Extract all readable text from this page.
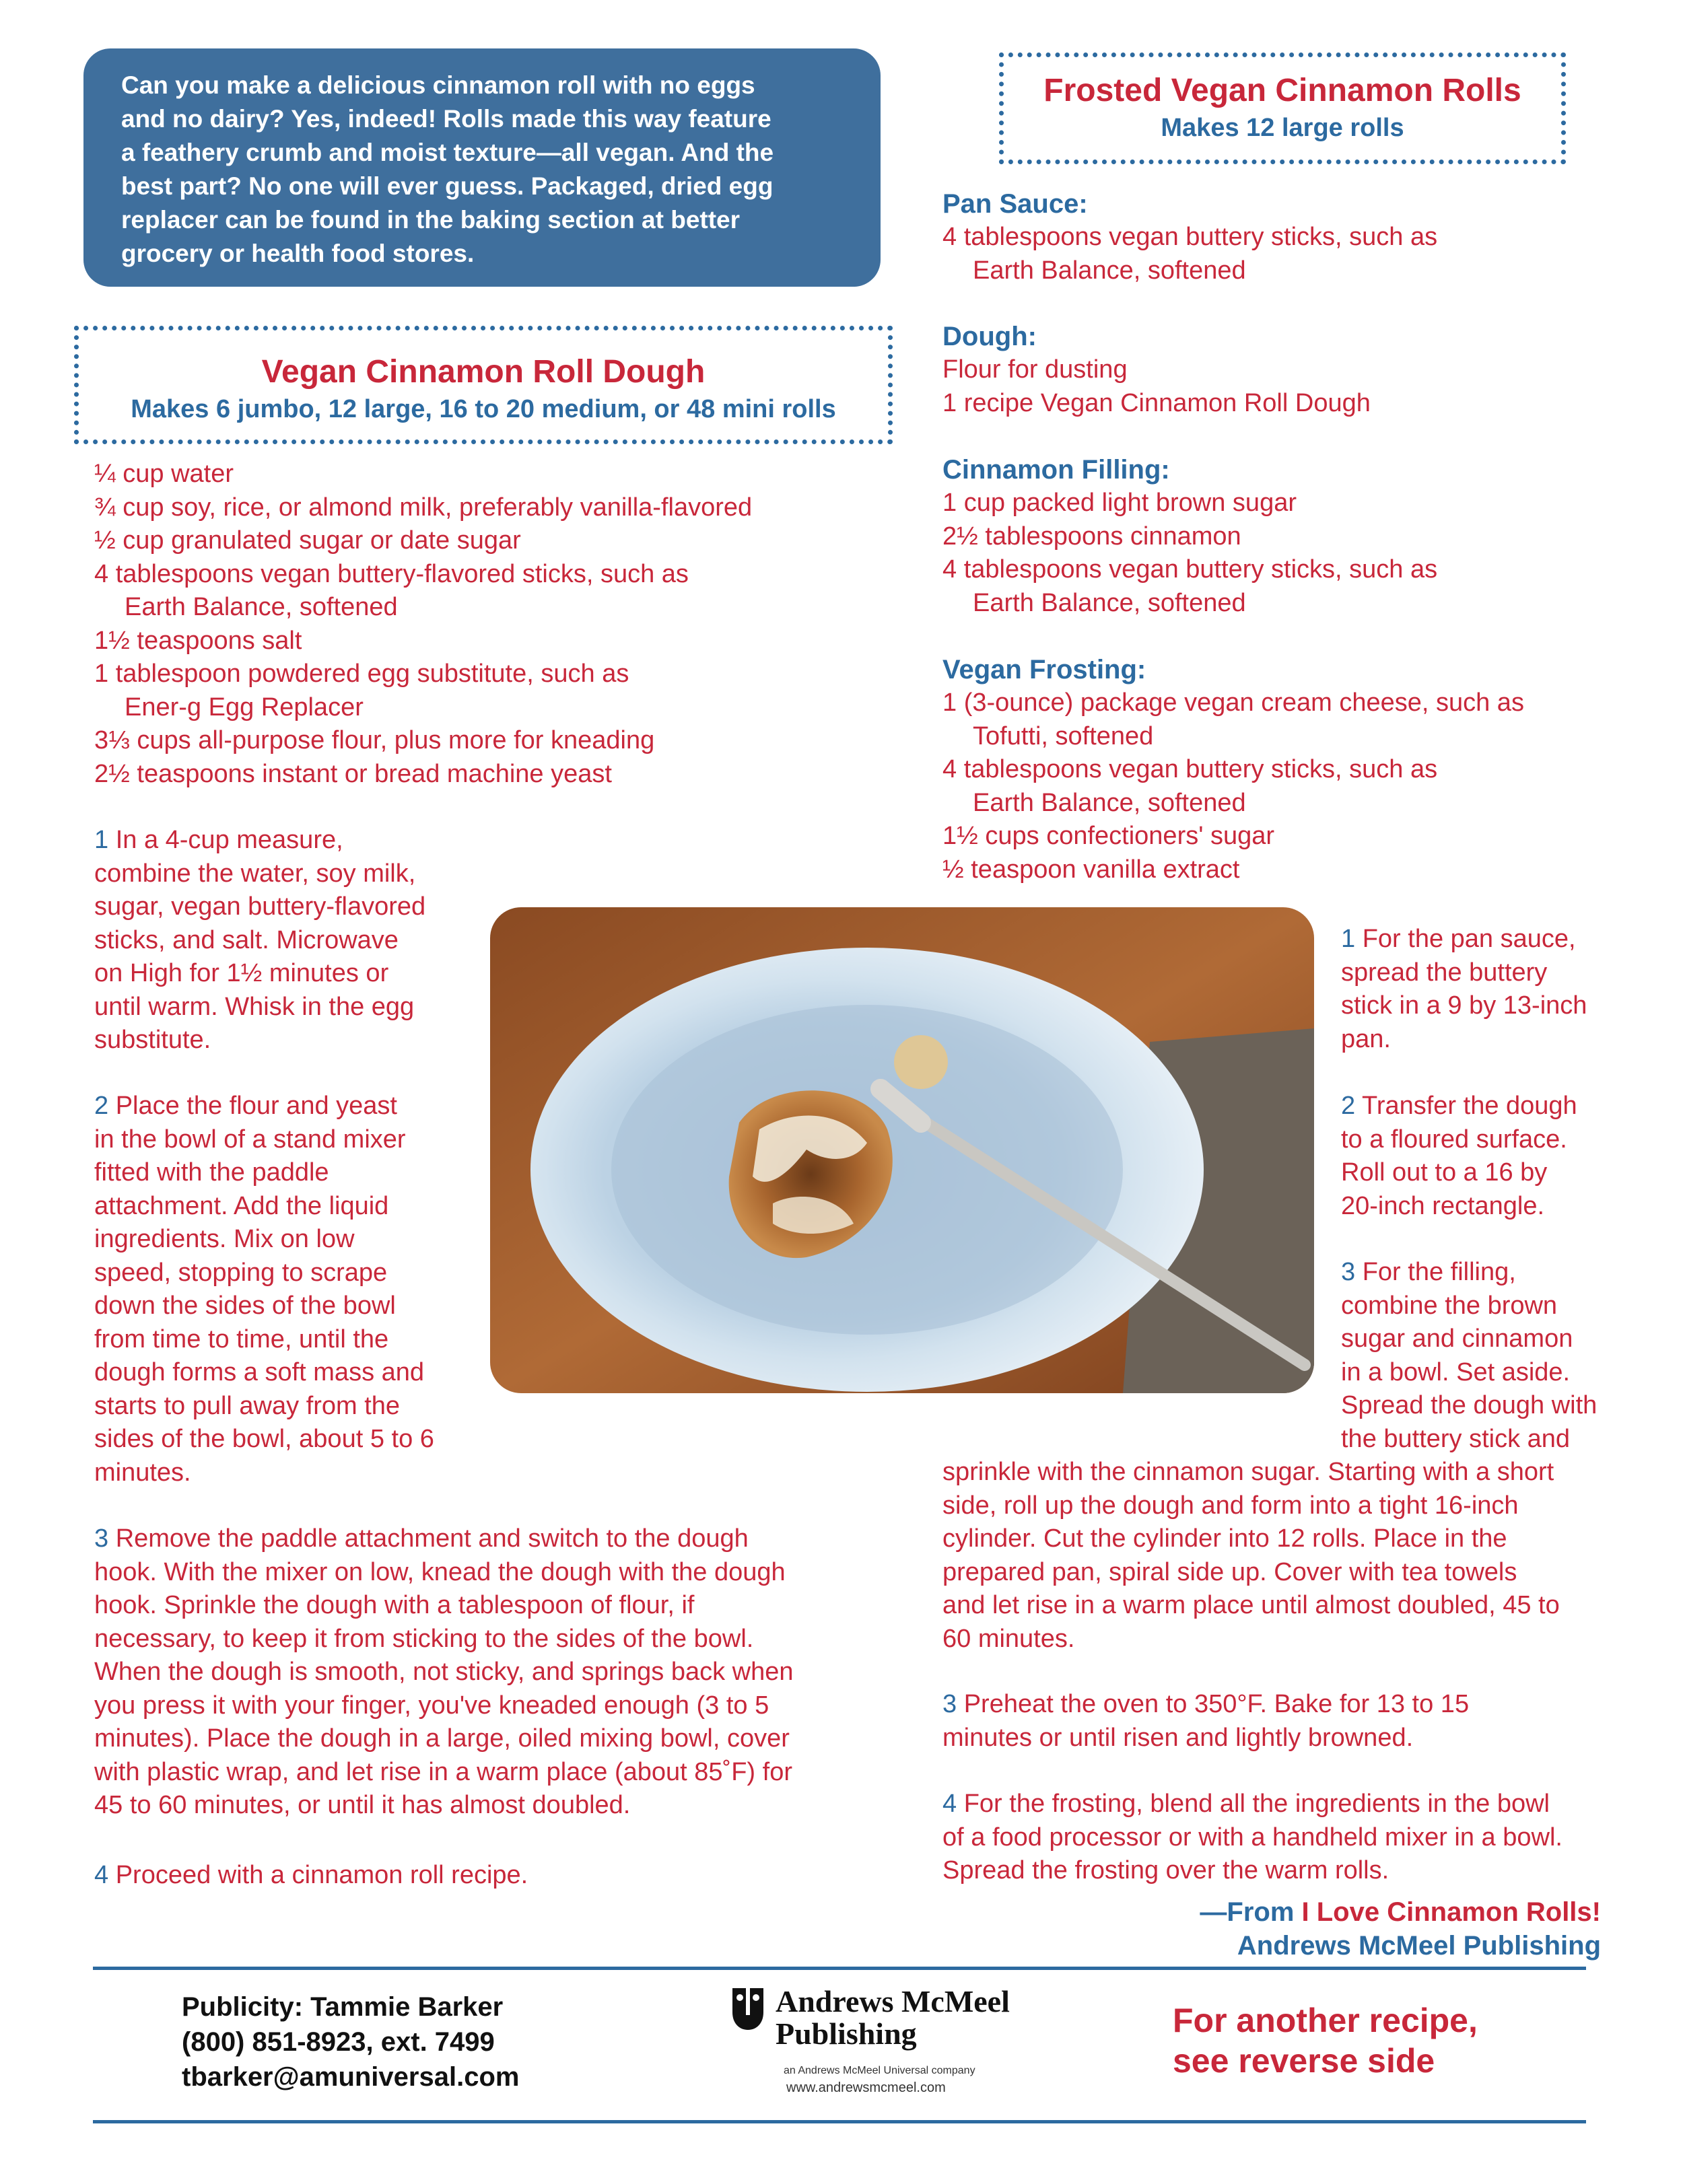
Can you make a delicious cinnamon roll with no eggs
and no dairy? Yes, indeed! Rolls made this way feature
a feathery crumb and moist texture—all vegan. And the
best part? No one will ever guess. Packaged, dried egg
replacer can be found in the baking section at better
grocery or health food stores.
Vegan Cinnamon Roll Dough
Makes 6 jumbo, 12 large, 16 to 20 medium, or 48 mini rolls
¼ cup water
¾ cup soy, rice, or almond milk, preferably vanilla-flavored
½ cup granulated sugar or date sugar
4 tablespoons vegan buttery-flavored sticks, such as
Earth Balance, softened
1½ teaspoons salt
1 tablespoon powdered egg substitute, such as
Ener-g Egg Replacer
3⅓ cups all-purpose flour, plus more for kneading
2½ teaspoons instant or bread machine yeast
1 In a 4-cup measure,
combine the water, soy milk,
sugar, vegan buttery-flavored
sticks, and salt. Microwave
on High for 1½ minutes or
until warm. Whisk in the egg
substitute.
2 Place the flour and yeast
in the bowl of a stand mixer
fitted with the paddle
attachment. Add the liquid
ingredients. Mix on low
speed, stopping to scrape
down the sides of the bowl
from time to time, until the
dough forms a soft mass and
starts to pull away from the
sides of the bowl, about 5 to 6
minutes.
3 Remove the paddle attachment and switch to the dough
hook. With the mixer on low, knead the dough with the dough
hook. Sprinkle the dough with a tablespoon of flour, if
necessary, to keep it from sticking to the sides of the bowl.
When the dough is smooth, not sticky, and springs back when
you press it with your finger, you've kneaded enough (3 to 5
minutes). Place the dough in a large, oiled mixing bowl, cover
with plastic wrap, and let rise in a warm place (about 85˚F) for
45 to 60 minutes, or until it has almost doubled.
4 Proceed with a cinnamon roll recipe.
Frosted Vegan Cinnamon Rolls
Makes 12 large rolls
Pan Sauce:
4 tablespoons vegan buttery sticks, such as
Earth Balance, softened
Dough:
Flour for dusting
1 recipe Vegan Cinnamon Roll Dough
Cinnamon Filling:
1 cup packed light brown sugar
2½ tablespoons cinnamon
4 tablespoons vegan buttery sticks, such as
Earth Balance, softened
Vegan Frosting:
1 (3-ounce) package vegan cream cheese, such as
Tofutti, softened
4 tablespoons vegan buttery sticks, such as
Earth Balance, softened
1½ cups confectioners' sugar
½ teaspoon vanilla extract
1 For the pan sauce,
spread the buttery
stick in a 9 by 13-inch
pan.
2 Transfer the dough
to a floured surface.
Roll out to a 16 by
20-inch rectangle.
3 For the filling,
combine the brown
sugar and cinnamon
in a bowl. Set aside.
Spread the dough with
the buttery stick and
sprinkle with the cinnamon sugar. Starting with a short
side, roll up the dough and form into a tight 16-inch
cylinder. Cut the cylinder into 12 rolls. Place in the
prepared pan, spiral side up. Cover with tea towels
and let rise in a warm place until almost doubled, 45 to
60 minutes.
3 Preheat the oven to 350°F. Bake for 13 to 15
minutes or until risen and lightly browned.
4 For the frosting, blend all the ingredients in the bowl
of a food processor or with a handheld mixer in a bowl.
Spread the frosting over the warm rolls.
—From I Love Cinnamon Rolls!
Andrews McMeel Publishing
Publicity: Tammie Barker
(800) 851-8923, ext. 7499
tbarker@amuniversal.com
Andrews McMeel
Publishing
an Andrews McMeel Universal company
www.andrewsmcmeel.com
For another recipe,
see reverse side
